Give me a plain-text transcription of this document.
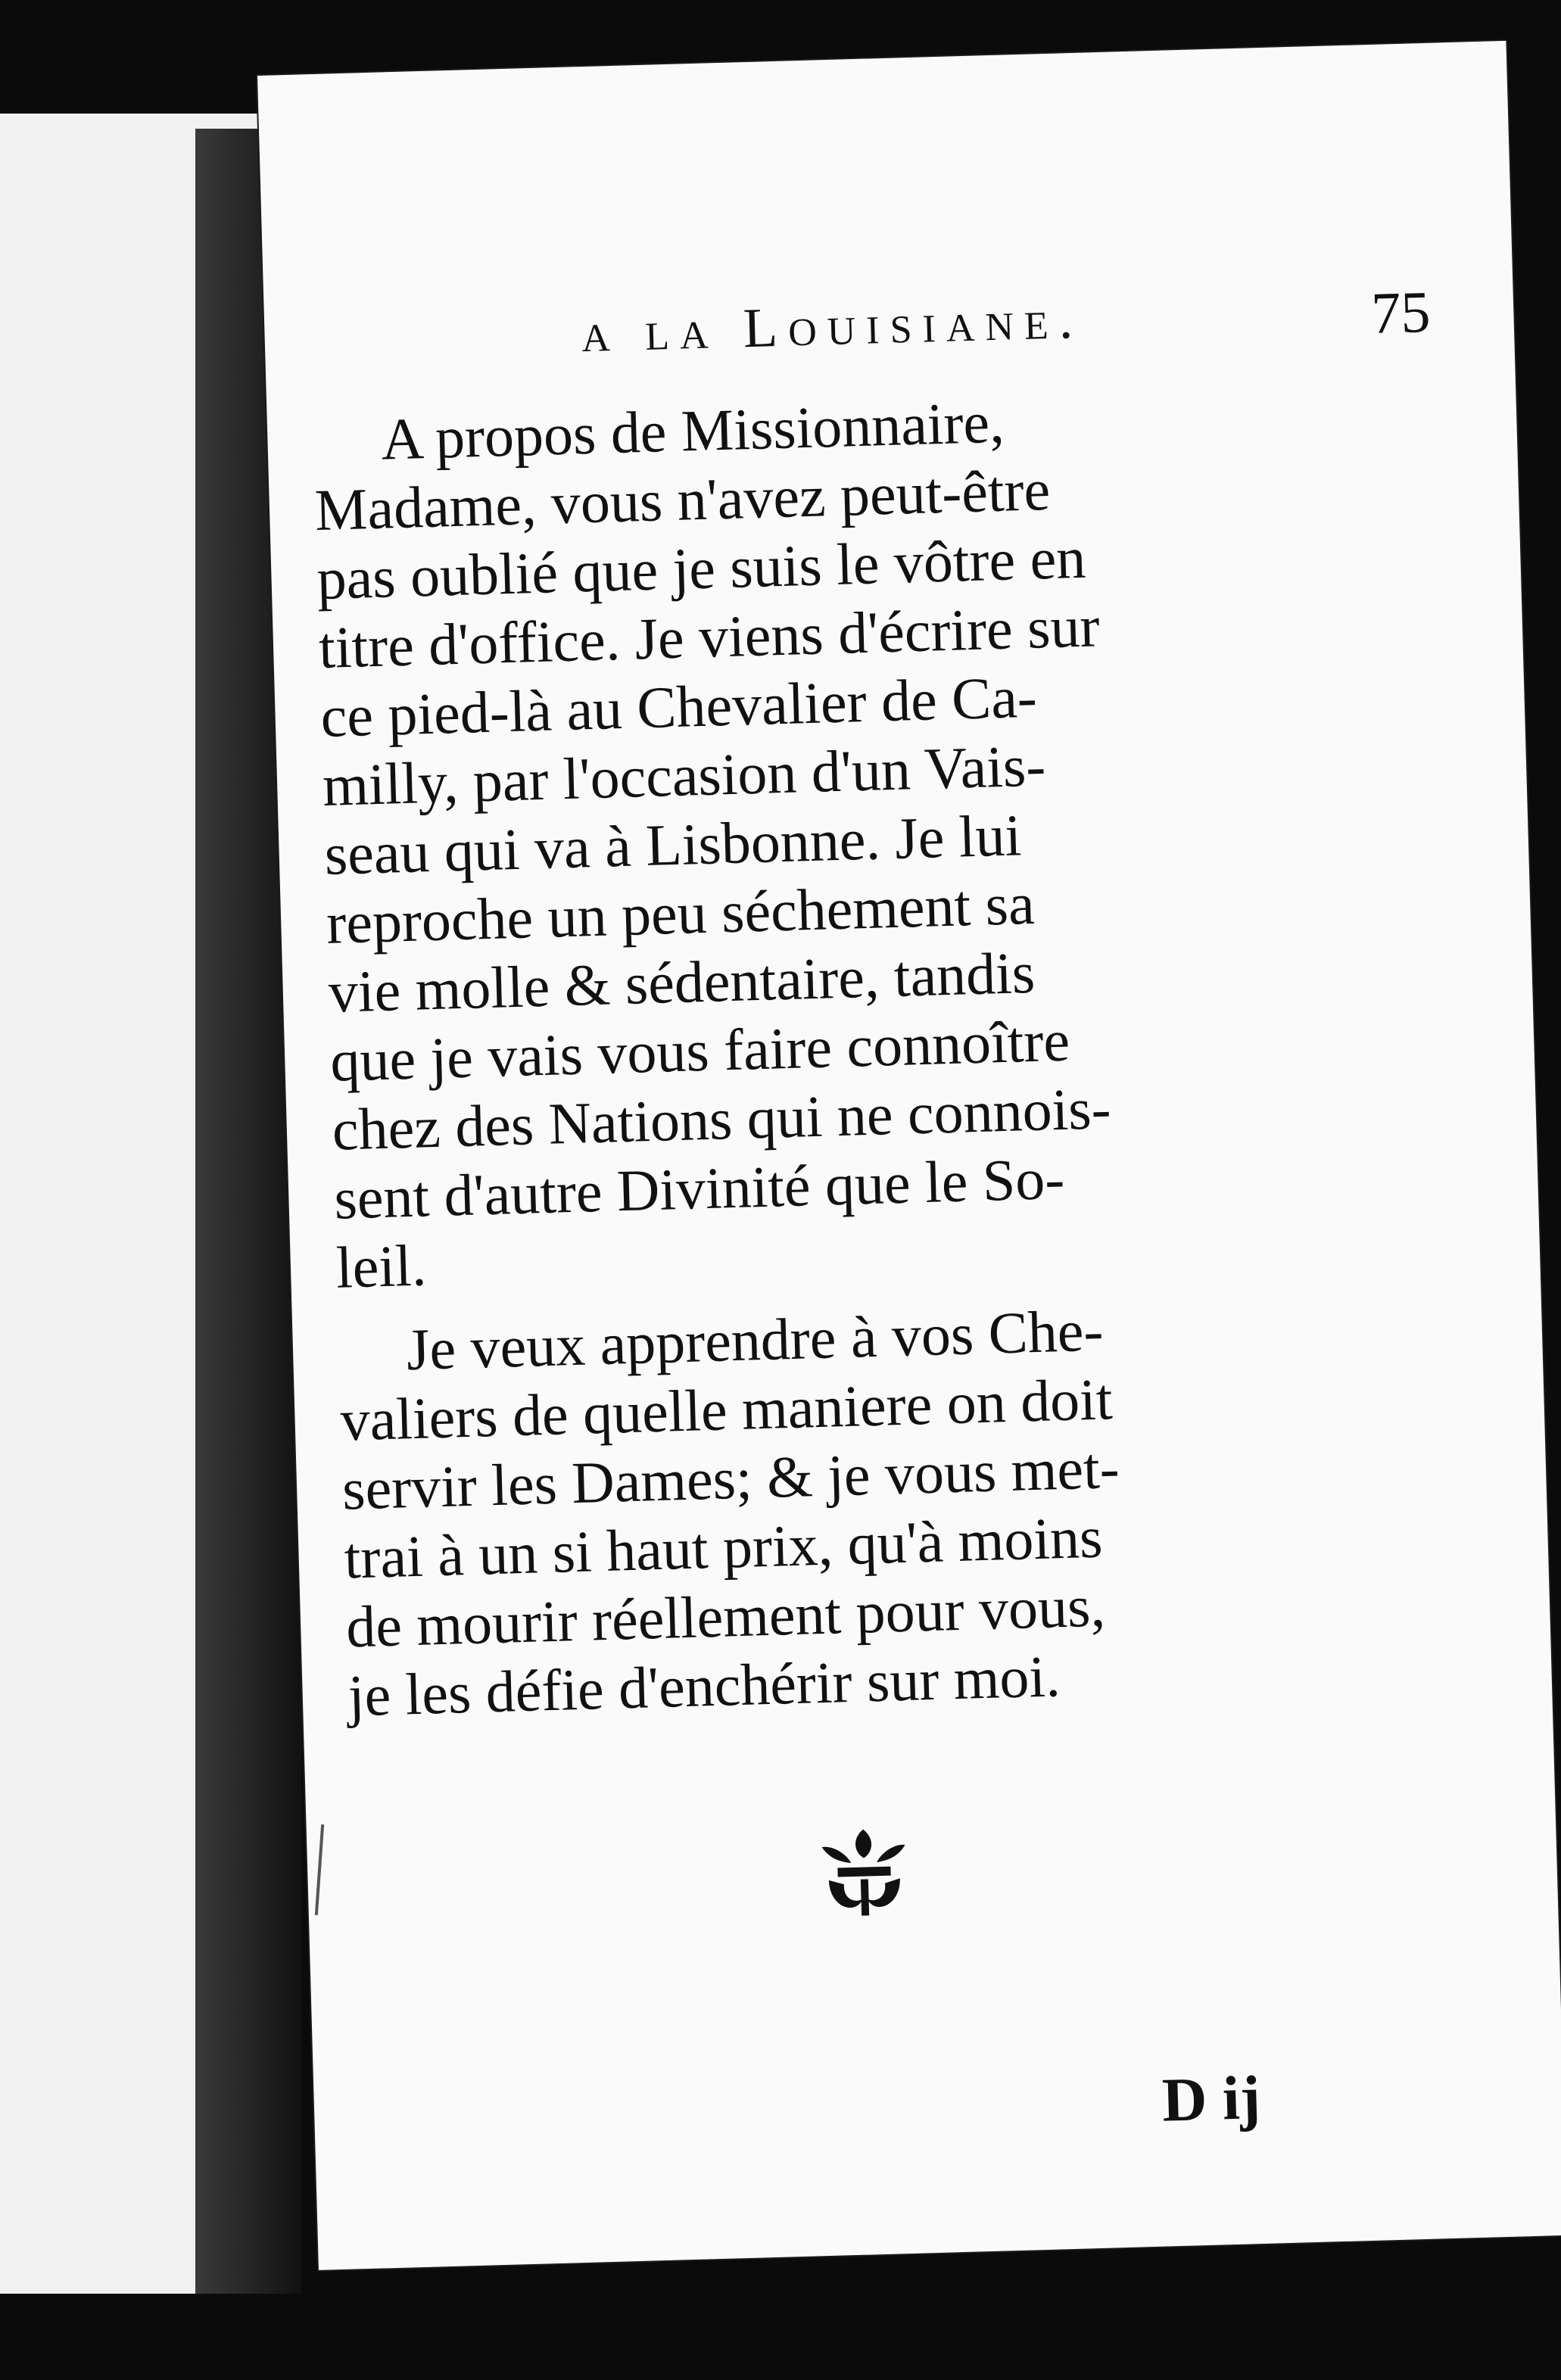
a la Louisiane.	75
A propos de Missionnaire,
Madame, vous n'avez peut-être
pas oublié que je suis le vôtre en
titre d'office. Je viens d'écrire sur
ce pied-là au Chevalier de Ca-
milly, par l'occasion d'un Vais-
seau qui va à Lisbonne. Je lui
reproche un peu séchement sa
vie molle & sédentaire, tandis
que je vais vous faire connoître
chez des Nations qui ne connois-
sent d'autre Divinité que le So-
leil.
Je veux apprendre à vos Che-
valiers de quelle maniere on doit
servir les Dames; & je vous met-
trai à un si haut prix, qu'à moins
de mourir réellement pour vous,
je les défie d'enchérir sur moi.
D ij
